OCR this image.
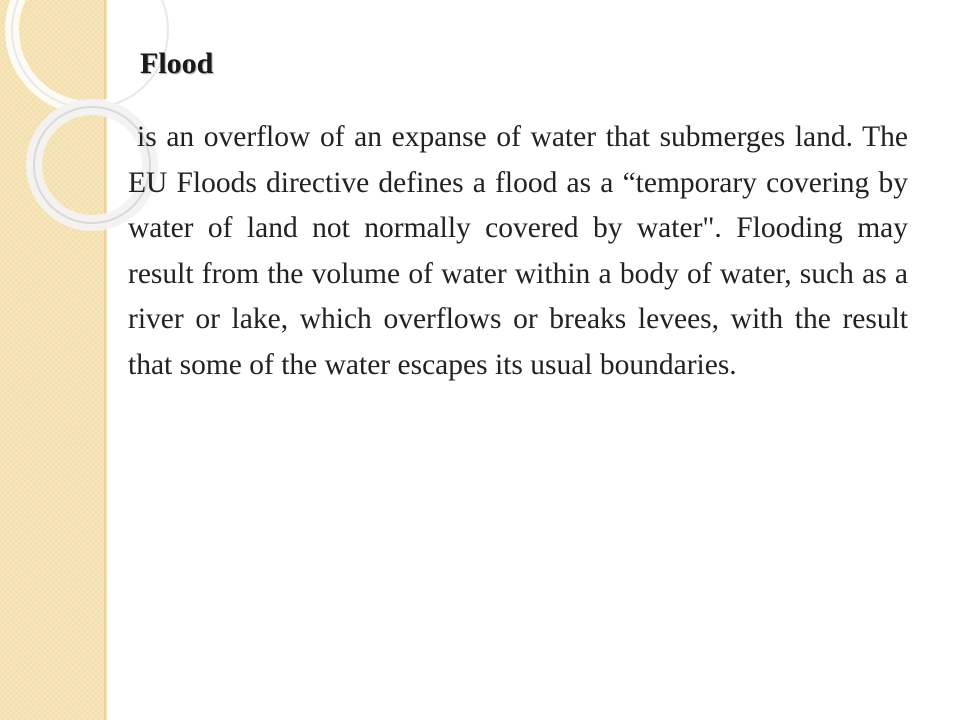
Flood

is an overflow of an expanse of water that submerges land. The EU Floods directive defines a flood as a “temporary covering by water of land not normally covered by water". Flooding may result from the volume of water within a body of water, such as a river or lake, which overflows or breaks levees, with the result that some of the water escapes its usual boundaries.
